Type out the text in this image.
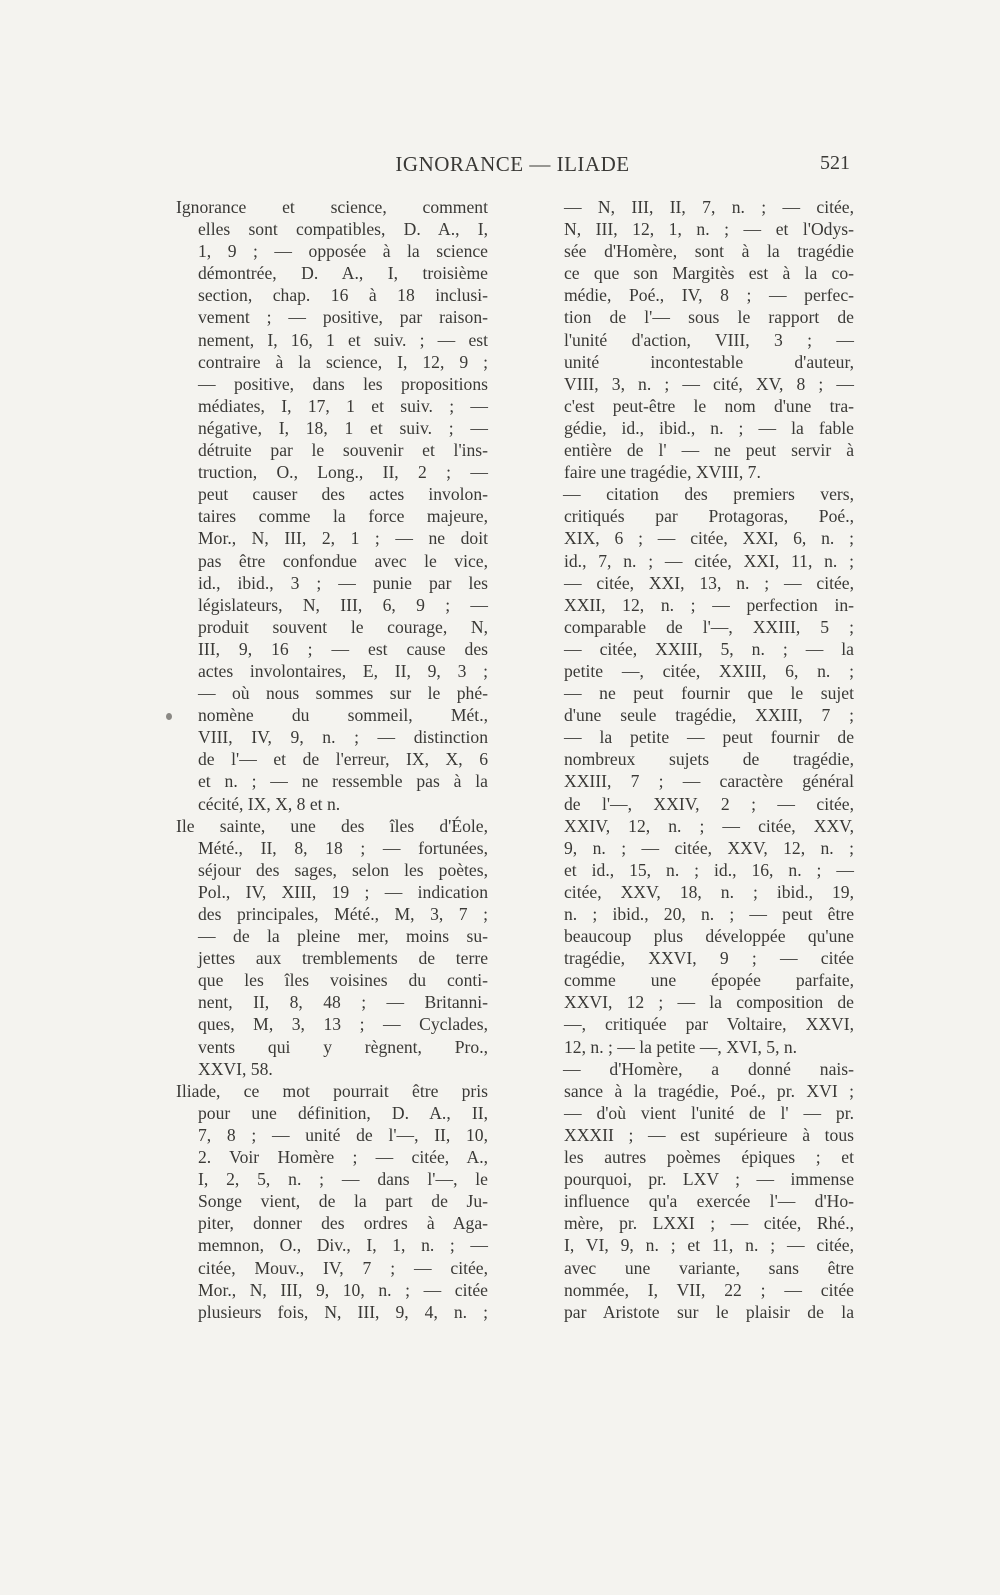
IGNORANCE — ILIADE	521
Ignorance et science, comment
elles sont compatibles, D. A., I,
1, 9 ; — opposée à la science
démontrée, D. A., I, troisième
section, chap. 16 à 18 inclusi-
vement ; — positive, par raison-
nement, I, 16, 1 et suiv. ; — est
contraire à la science, I, 12, 9 ;
— positive, dans les propositions
médiates, I, 17, 1 et suiv. ; —
négative, I, 18, 1 et suiv. ; —
détruite par le souvenir et l'ins-
truction, O., Long., II, 2 ; —
peut causer des actes involon-
taires comme la force majeure,
Mor., N, III, 2, 1 ; — ne doit
pas être confondue avec le vice,
id., ibid., 3 ; — punie par les
législateurs, N, III, 6, 9 ; —
produit souvent le courage, N,
III, 9, 16 ; — est cause des
actes involontaires, E, II, 9, 3 ;
— où nous sommes sur le phé-
nomène du sommeil, Mét.,
VIII, IV, 9, n. ; — distinction
de l'— et de l'erreur, IX, X, 6
et n. ; — ne ressemble pas à la
cécité, IX, X, 8 et n.
Ile sainte, une des îles d'Éole,
Mété., II, 8, 18 ; — fortunées,
séjour des sages, selon les poètes,
Pol., IV, XIII, 19 ; — indication
des principales, Mété., M, 3, 7 ;
— de la pleine mer, moins su-
jettes aux tremblements de terre
que les îles voisines du conti-
nent, II, 8, 48 ; — Britanni-
ques, M, 3, 13 ; — Cyclades,
vents qui y règnent, Pro.,
XXVI, 58.
Iliade, ce mot pourrait être pris
pour une définition, D. A., II,
7, 8 ; — unité de l'—, II, 10,
2. Voir Homère ; — citée, A.,
I, 2, 5, n. ; — dans l'—, le
Songe vient, de la part de Ju-
piter, donner des ordres à Aga-
memnon, O., Div., I, 1, n. ; —
citée, Mouv., IV, 7 ; — citée,
Mor., N, III, 9, 10, n. ; — citée
plusieurs fois, N, III, 9, 4, n. ;
— N, III, II, 7, n. ; — citée,
N, III, 12, 1, n. ; — et l'Odys-
sée d'Homère, sont à la tragédie
ce que son Margitès est à la co-
médie, Poé., IV, 8 ; — perfec-
tion de l'— sous le rapport de
l'unité d'action, VIII, 3 ; —
unité incontestable d'auteur,
VIII, 3, n. ; — cité, XV, 8 ; —
c'est peut-être le nom d'une tra-
gédie, id., ibid., n. ; — la fable
entière de l' — ne peut servir à
faire une tragédie, XVIII, 7.
— citation des premiers vers,
critiqués par Protagoras, Poé.,
XIX, 6 ; — citée, XXI, 6, n. ;
id., 7, n. ; — citée, XXI, 11, n. ;
— citée, XXI, 13, n. ; — citée,
XXII, 12, n. ; — perfection in-
comparable de l'—, XXIII, 5 ;
— citée, XXIII, 5, n. ; — la
petite —, citée, XXIII, 6, n. ;
— ne peut fournir que le sujet
d'une seule tragédie, XXIII, 7 ;
— la petite — peut fournir de
nombreux sujets de tragédie,
XXIII, 7 ; — caractère général
de l'—, XXIV, 2 ; — citée,
XXIV, 12, n. ; — citée, XXV,
9, n. ; — citée, XXV, 12, n. ;
et id., 15, n. ; id., 16, n. ; —
citée, XXV, 18, n. ; ibid., 19,
n. ; ibid., 20, n. ; — peut être
beaucoup plus développée qu'une
tragédie, XXVI, 9 ; — citée
comme une épopée parfaite,
XXVI, 12 ; — la composition de
—, critiquée par Voltaire, XXVI,
12, n. ; — la petite —, XVI, 5, n.
— d'Homère, a donné nais-
sance à la tragédie, Poé., pr. XVI ;
— d'où vient l'unité de l' — pr.
XXXII ; — est supérieure à tous
les autres poèmes épiques ; et
pourquoi, pr. LXV ; — immense
influence qu'a exercée l'— d'Ho-
mère, pr. LXXI ; — citée, Rhé.,
I, VI, 9, n. ; et 11, n. ; — citée,
avec une variante, sans être
nommée, I, VII, 22 ; — citée
par Aristote sur le plaisir de la
